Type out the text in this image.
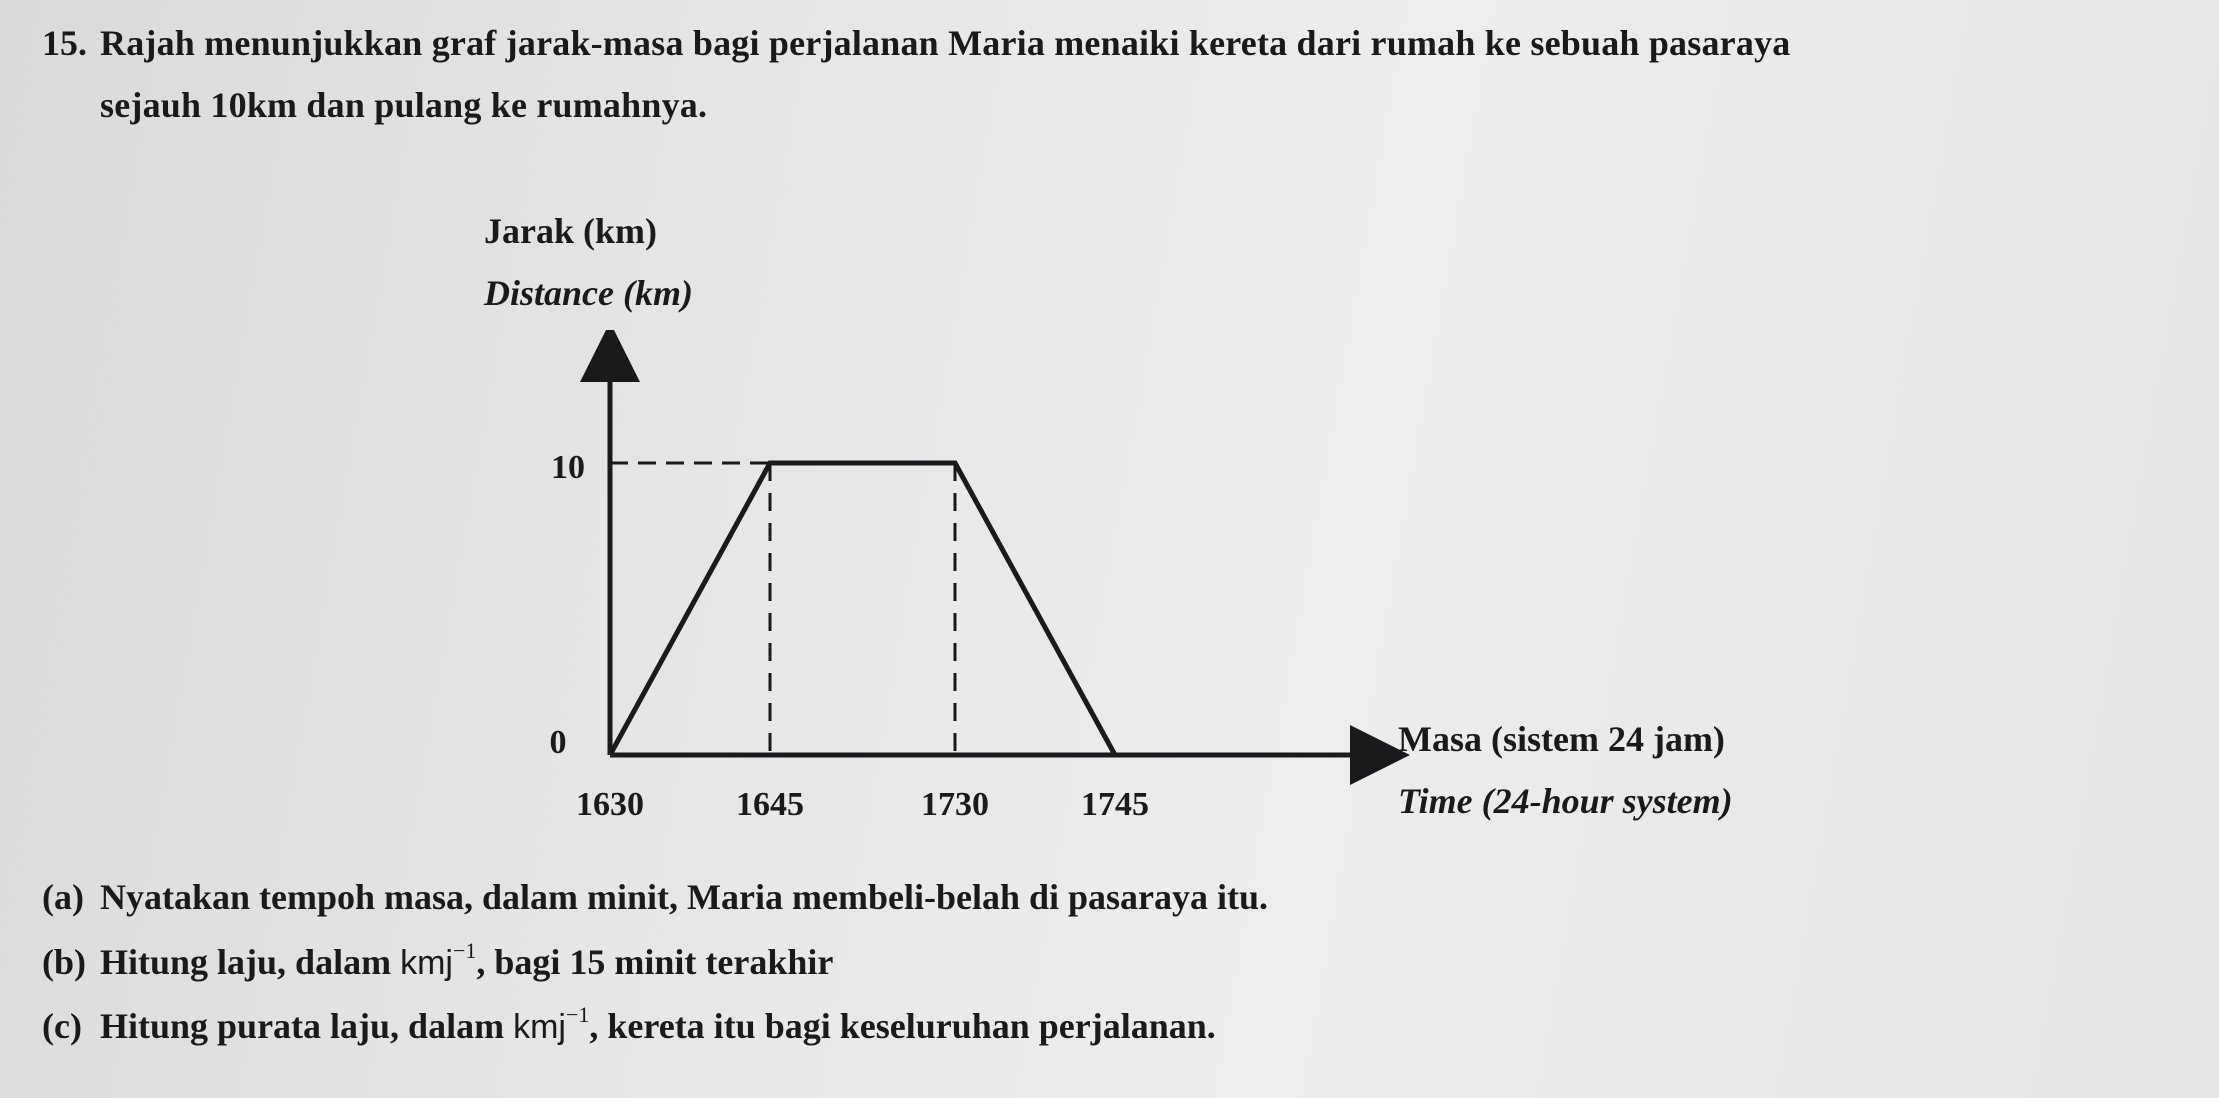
15. Rajah menunjukkan graf jarak-masa bagi perjalanan Maria menaiki kereta dari rumah ke sebuah pasaraya
sejauh 10km dan pulang ke rumahnya.
Jarak (km)
Distance (km)
1630	1645	1730	1745
0
10
Masa (sistem 24 jam)
Time (24-hour system)
(a) Nyatakan tempoh masa, dalam minit, Maria membeli-belah di pasaraya itu.
(b) Hitung laju, dalam kmj$^{-1}$, bagi 15 minit terakhir
(c) Hitung purata laju, dalam kmj$^{-1}$, kereta itu bagi keseluruhan perjalanan.
